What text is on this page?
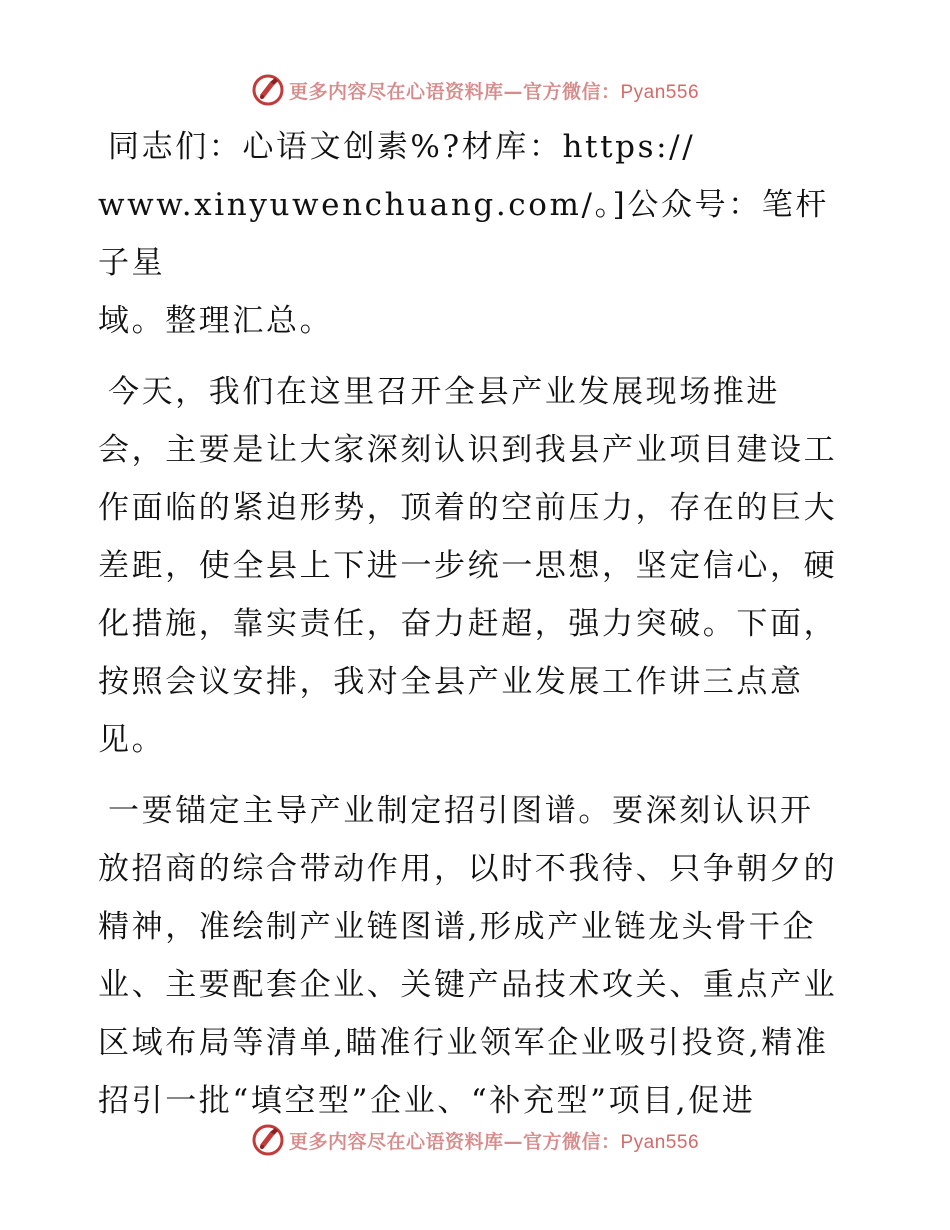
更多内容尽在心语资料库—官方微信：Pyan556

同志们：心语文创素%?材库：https://
www.xinyuwenchuang.com/。]公众号：笔杆子星
域。整理汇总。

今天，我们在这里召开全县产业发展现场推进
会，主要是让大家深刻认识到我县产业项目建设工
作面临的紧迫形势，顶着的空前压力，存在的巨大
差距，使全县上下进一步统一思想，坚定信心，硬
化措施，靠实责任，奋力赶超，强力突破。下面，
按照会议安排，我对全县产业发展工作讲三点意
见。

一要锚定主导产业制定招引图谱。要深刻认识开
放招商的综合带动作用，以时不我待、只争朝夕的
精神，准绘制产业链图谱,形成产业链龙头骨干企
业、主要配套企业、关键产品技术攻关、重点产业
区域布局等清单,瞄准行业领军企业吸引投资,精准
招引一批“填空型”企业、“补充型”项目,促进

更多内容尽在心语资料库—官方微信：Pyan556
